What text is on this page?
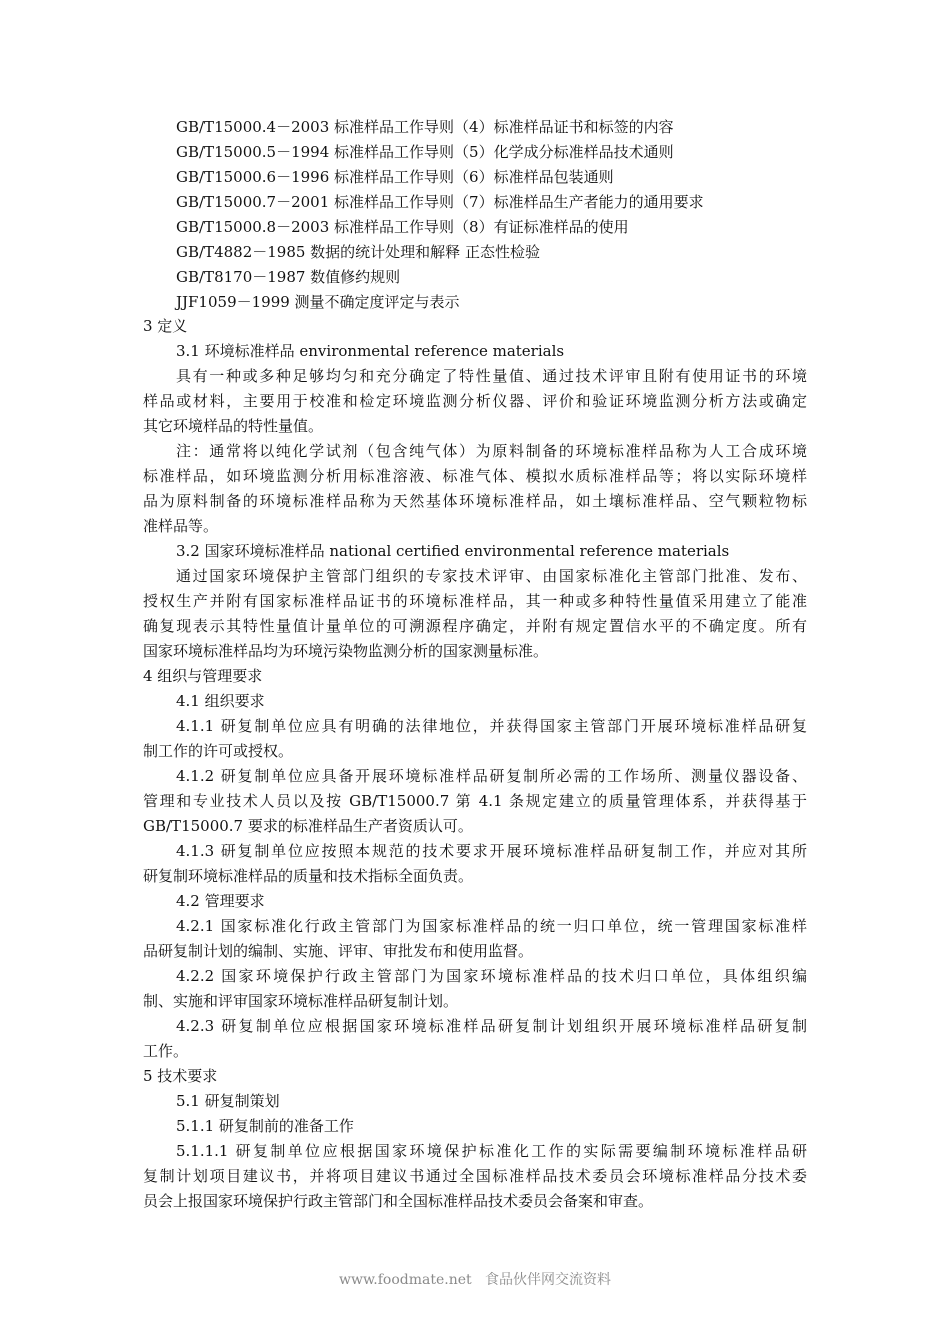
GB/T15000.4－2003 标准样品工作导则（4）标准样品证书和标签的内容
GB/T15000.5－1994 标准样品工作导则（5）化学成分标准样品技术通则
GB/T15000.6－1996 标准样品工作导则（6）标准样品包装通则
GB/T15000.7－2001 标准样品工作导则（7）标准样品生产者能力的通用要求
GB/T15000.8－2003 标准样品工作导则（8）有证标准样品的使用
GB/T4882－1985 数据的统计处理和解释 正态性检验
GB/T8170－1987 数值修约规则
JJF1059－1999 测量不确定度评定与表示
3 定义
3.1 环境标准样品 environmental reference materials
具有一种或多种足够均匀和充分确定了特性量值、通过技术评审且附有使用证书的环境
样品或材料，主要用于校准和检定环境监测分析仪器、评价和验证环境监测分析方法或确定
其它环境样品的特性量值。
注：通常将以纯化学试剂（包含纯气体）为原料制备的环境标准样品称为人工合成环境
标准样品，如环境监测分析用标准溶液、标准气体、模拟水质标准样品等；将以实际环境样
品为原料制备的环境标准样品称为天然基体环境标准样品，如土壤标准样品、空气颗粒物标
准样品等。
3.2 国家环境标准样品 national certified environmental reference materials
通过国家环境保护主管部门组织的专家技术评审、由国家标准化主管部门批准、发布、
授权生产并附有国家标准样品证书的环境标准样品，其一种或多种特性量值采用建立了能准
确复现表示其特性量值计量单位的可溯源程序确定，并附有规定置信水平的不确定度。所有
国家环境标准样品均为环境污染物监测分析的国家测量标准。
4 组织与管理要求
4.1 组织要求
4.1.1 研复制单位应具有明确的法律地位，并获得国家主管部门开展环境标准样品研复
制工作的许可或授权。
4.1.2 研复制单位应具备开展环境标准样品研复制所必需的工作场所、测量仪器设备、
管理和专业技术人员以及按 GB/T15000.7 第 4.1 条规定建立的质量管理体系，并获得基于
GB/T15000.7 要求的标准样品生产者资质认可。
4.1.3 研复制单位应按照本规范的技术要求开展环境标准样品研复制工作，并应对其所
研复制环境标准样品的质量和技术指标全面负责。
4.2 管理要求
4.2.1 国家标准化行政主管部门为国家标准样品的统一归口单位，统一管理国家标准样
品研复制计划的编制、实施、评审、审批发布和使用监督。
4.2.2 国家环境保护行政主管部门为国家环境标准样品的技术归口单位，具体组织编
制、实施和评审国家环境标准样品研复制计划。
4.2.3 研复制单位应根据国家环境标准样品研复制计划组织开展环境标准样品研复制
工作。
5 技术要求
5.1 研复制策划
5.1.1 研复制前的准备工作
5.1.1.1 研复制单位应根据国家环境保护标准化工作的实际需要编制环境标准样品研
复制计划项目建议书，并将项目建议书通过全国标准样品技术委员会环境标准样品分技术委
员会上报国家环境保护行政主管部门和全国标准样品技术委员会备案和审查。
www.foodmate.net   食品伙伴网交流资料
